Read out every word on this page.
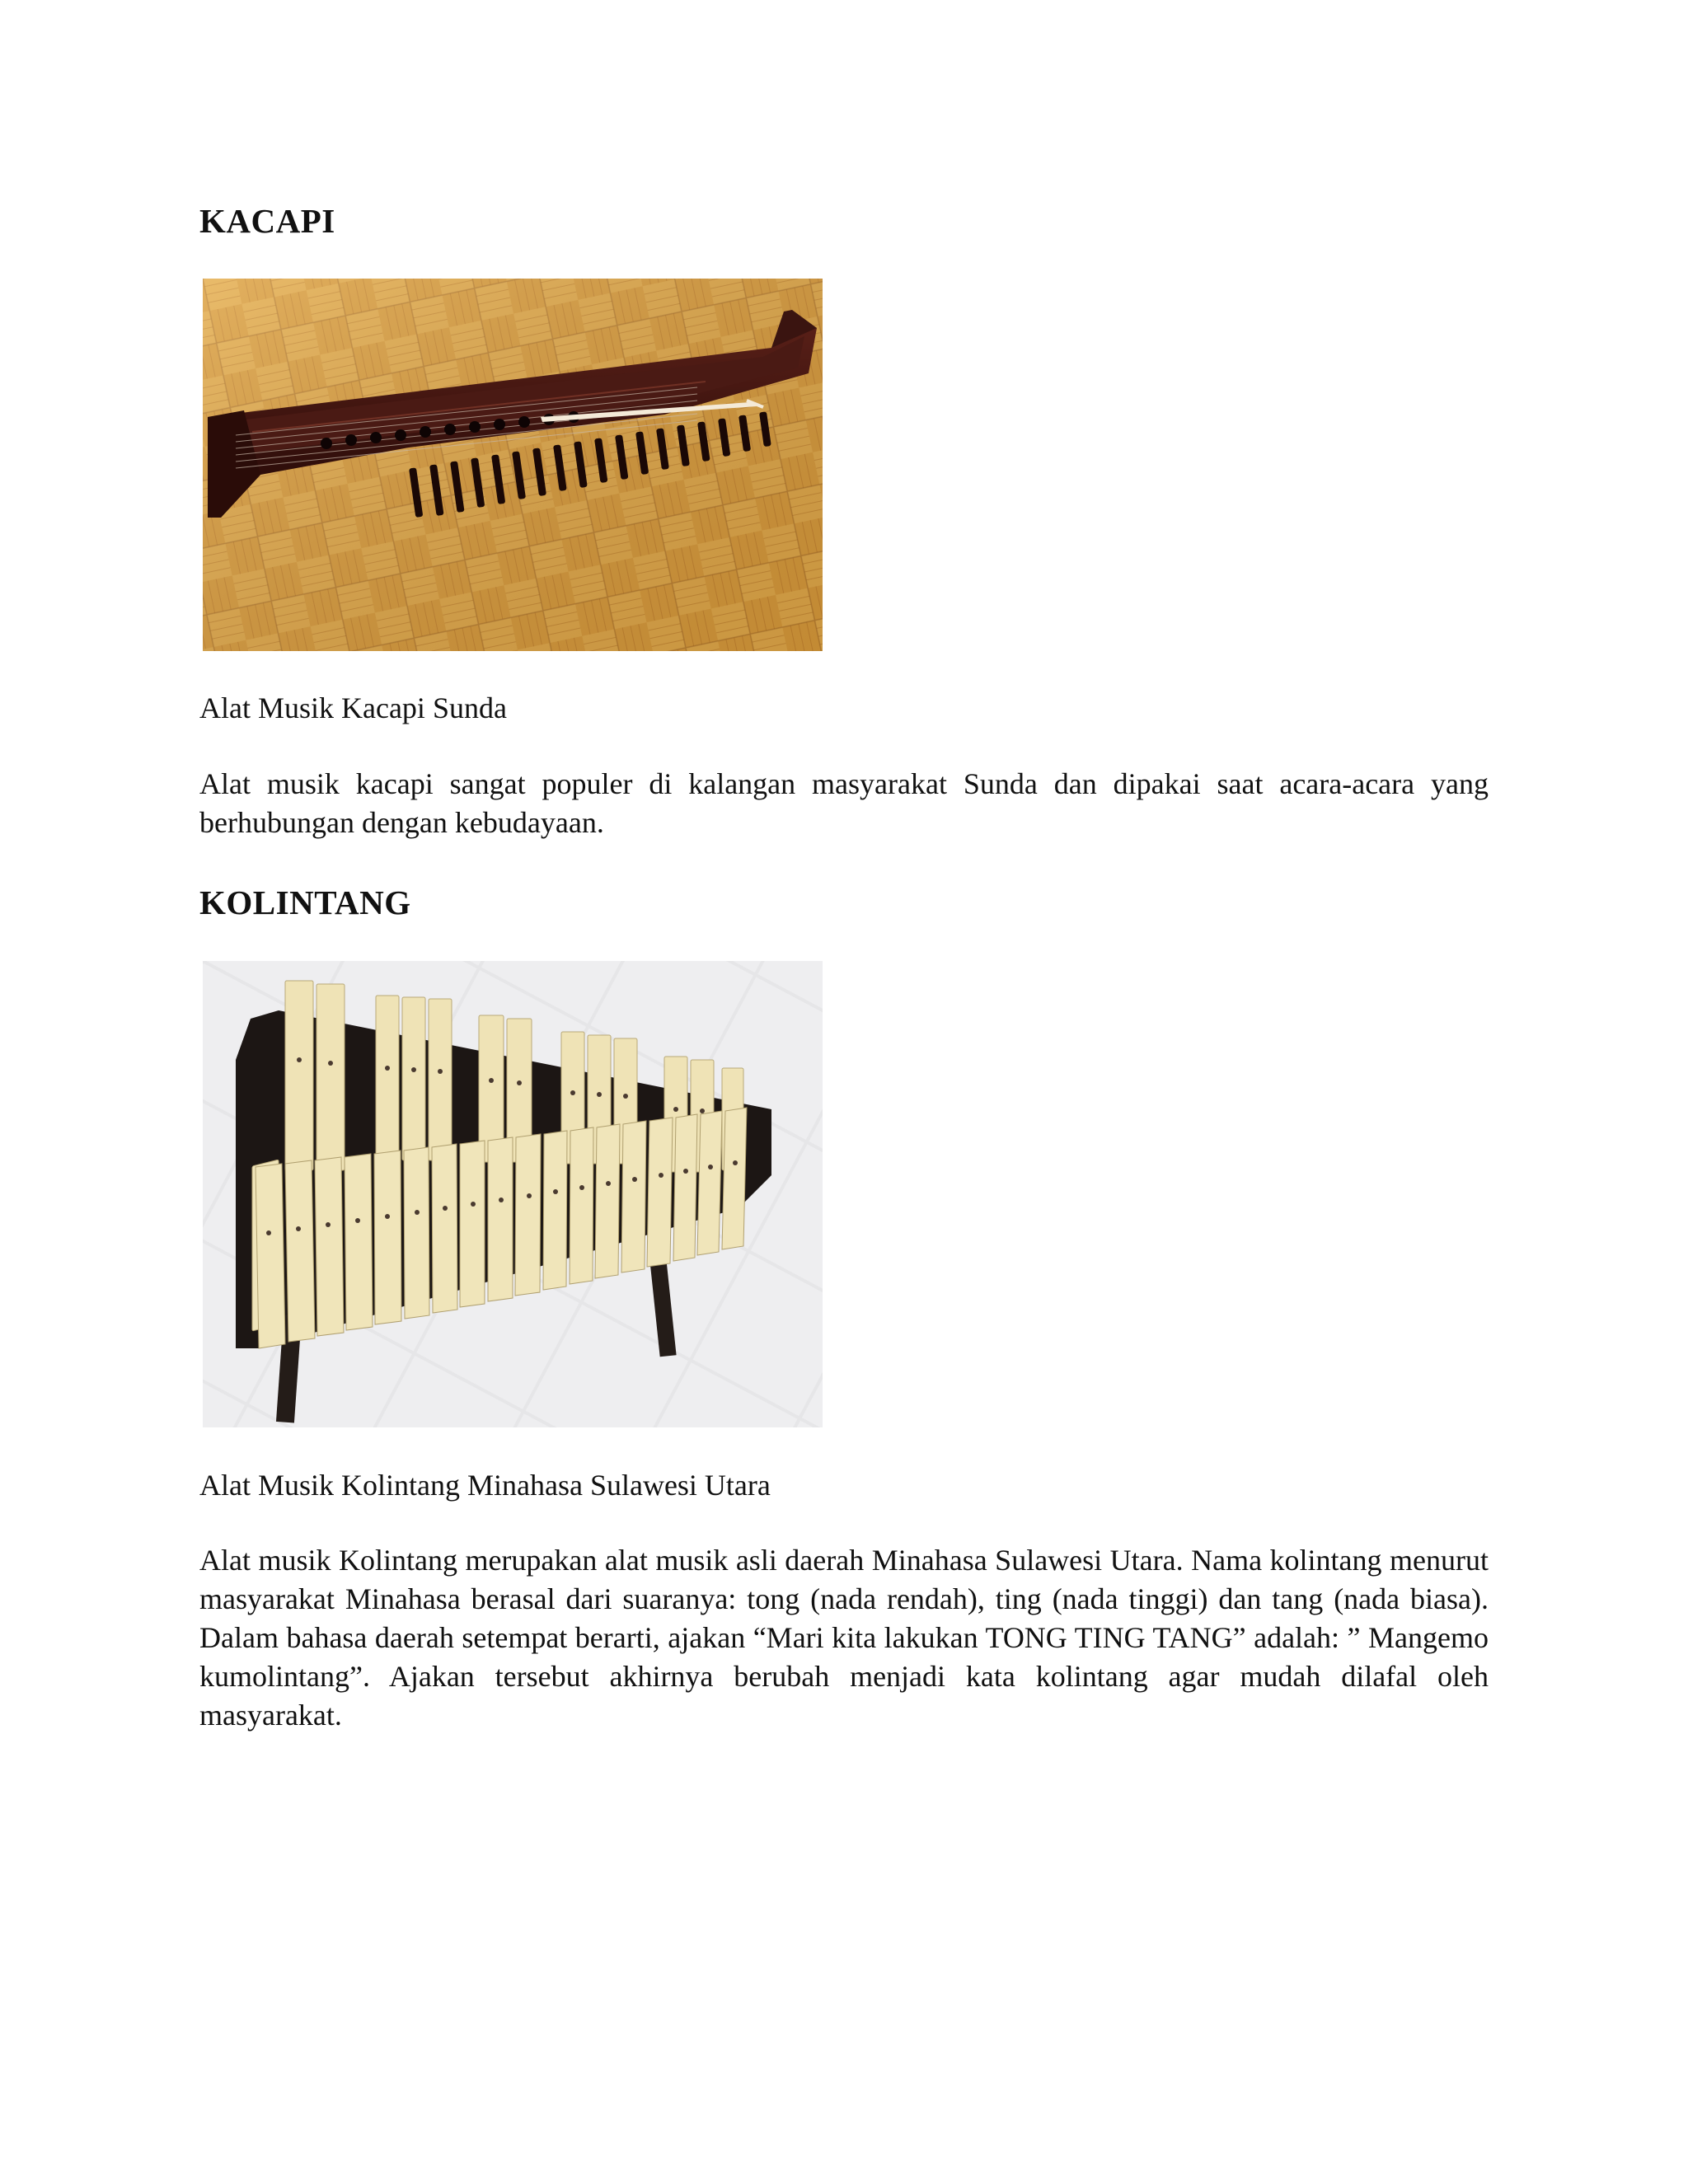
KACAPI

Alat Musik Kacapi Sunda

Alat musik kacapi sangat populer di kalangan masyarakat Sunda dan dipakai saat acara-acara yang berhubungan dengan kebudayaan.

KOLINTANG

Alat Musik Kolintang Minahasa Sulawesi Utara

Alat musik Kolintang merupakan alat musik asli daerah Minahasa Sulawesi Utara. Nama kolintang menurut masyarakat Minahasa berasal dari suaranya: tong (nada rendah), ting (nada tinggi) dan tang (nada biasa). Dalam bahasa daerah setempat berarti, ajakan “Mari kita lakukan TONG TING TANG” adalah: ” Mangemo kumolintang”. Ajakan tersebut akhirnya berubah menjadi kata kolintang agar mudah dilafal oleh masyarakat.
